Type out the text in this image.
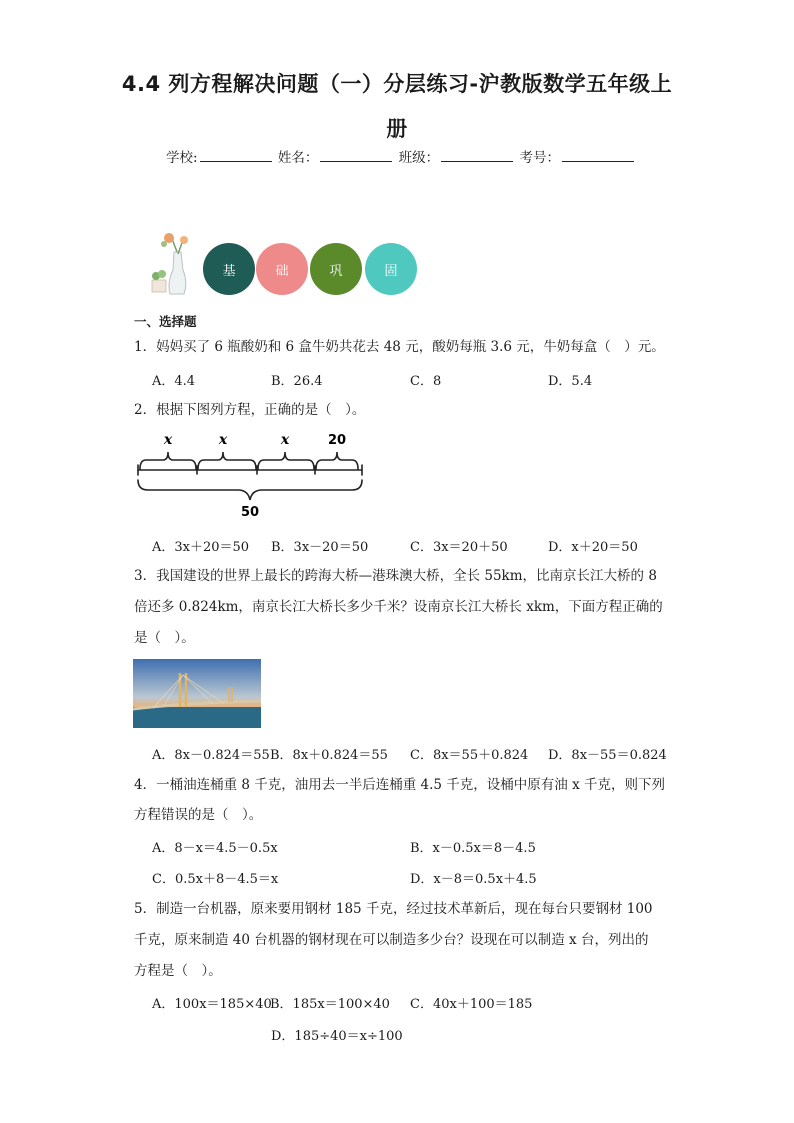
4.4 列方程解决问题（一）分层练习-沪教版数学五年级上
册
学校:	姓名：	班级：	考号：
基	础	巩	固
一、选择题
1．妈妈买了 6 瓶酸奶和 6 盒牛奶共花去 48 元，酸奶每瓶 3.6 元，牛奶每盒（　）元。
A．4.4	B．26.4	C．8	D．5.4
2．根据下图列方程，正确的是（　）。
x	x	x	20
50
A．3x＋20＝50 B．3x－20＝50	C．3x＝20＋50	D．x＋20＝50
3．我国建设的世界上最长的跨海大桥—港珠澳大桥，全长 55km，比南京长江大桥的 8
倍还多 0.824km，南京长江大桥长多少千米？设南京长江大桥长 xkm，下面方程正确的
是（　）。
A．8x－0.824＝55 B．8x＋0.824＝55 C．8x＝55＋0.824 D．8x－55＝0.824
4．一桶油连桶重 8 千克，油用去一半后连桶重 4.5 千克，设桶中原有油 x 千克，则下列
方程错误的是（　）。
A．8－x＝4.5－0.5x	B．x－0.5x＝8－4.5
C．0.5x＋8－4.5＝x	D．x－8＝0.5x＋4.5
5．制造一台机器，原来要用钢材 185 千克，经过技术革新后，现在每台只要钢材 100
千克，原来制造 40 台机器的钢材现在可以制造多少台？设现在可以制造 x 台，列出的
方程是（　）。
A．100x＝185×40
B．185x＝100×40 C．40x＋100＝185
D．185÷40＝x÷100
